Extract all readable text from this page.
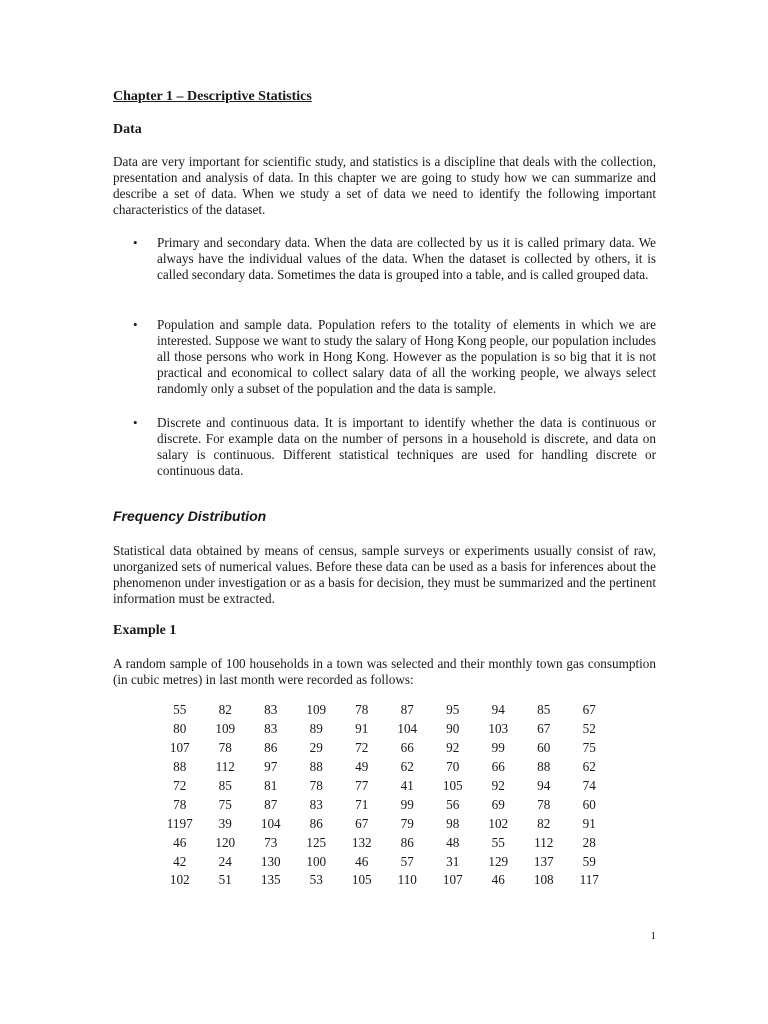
Chapter 1 – Descriptive Statistics

Data

Data are very important for scientific study, and statistics is a discipline that deals with the collection, presentation and analysis of data. In this chapter we are going to study how we can summarize and describe a set of data. When we study a set of data we need to identify the following important characteristics of the dataset.

• Primary and secondary data. When the data are collected by us it is called primary data. We always have the individual values of the data. When the dataset is collected by others, it is called secondary data. Sometimes the data is grouped into a table, and is called grouped data.

• Population and sample data. Population refers to the totality of elements in which we are interested. Suppose we want to study the salary of Hong Kong people, our population includes all those persons who work in Hong Kong. However as the population is so big that it is not practical and economical to collect salary data of all the working people, we always select randomly only a subset of the population and the data is sample.

• Discrete and continuous data. It is important to identify whether the data is continuous or discrete. For example data on the number of persons in a household is discrete, and data on salary is continuous. Different statistical techniques are used for handling discrete or continuous data.

Frequency Distribution

Statistical data obtained by means of census, sample surveys or experiments usually consist of raw, unorganized sets of numerical values. Before these data can be used as a basis for inferences about the phenomenon under investigation or as a basis for decision, they must be summarized and the pertinent information must be extracted.

Example 1

A random sample of 100 households in a town was selected and their monthly town gas consumption (in cubic metres) in last month were recorded as follows:

55	82	83	109	78	87	95	94	85	67
80	109	83	89	91	104	90	103	67	52
107	78	86	29	72	66	92	99	60	75
88	112	97	88	49	62	70	66	88	62
72	85	81	78	77	41	105	92	94	74
78	75	87	83	71	99	56	69	78	60
1197	39	104	86	67	79	98	102	82	91
46	120	73	125	132	86	48	55	112	28
42	24	130	100	46	57	31	129	137	59
102	51	135	53	105	110	107	46	108	117

1
